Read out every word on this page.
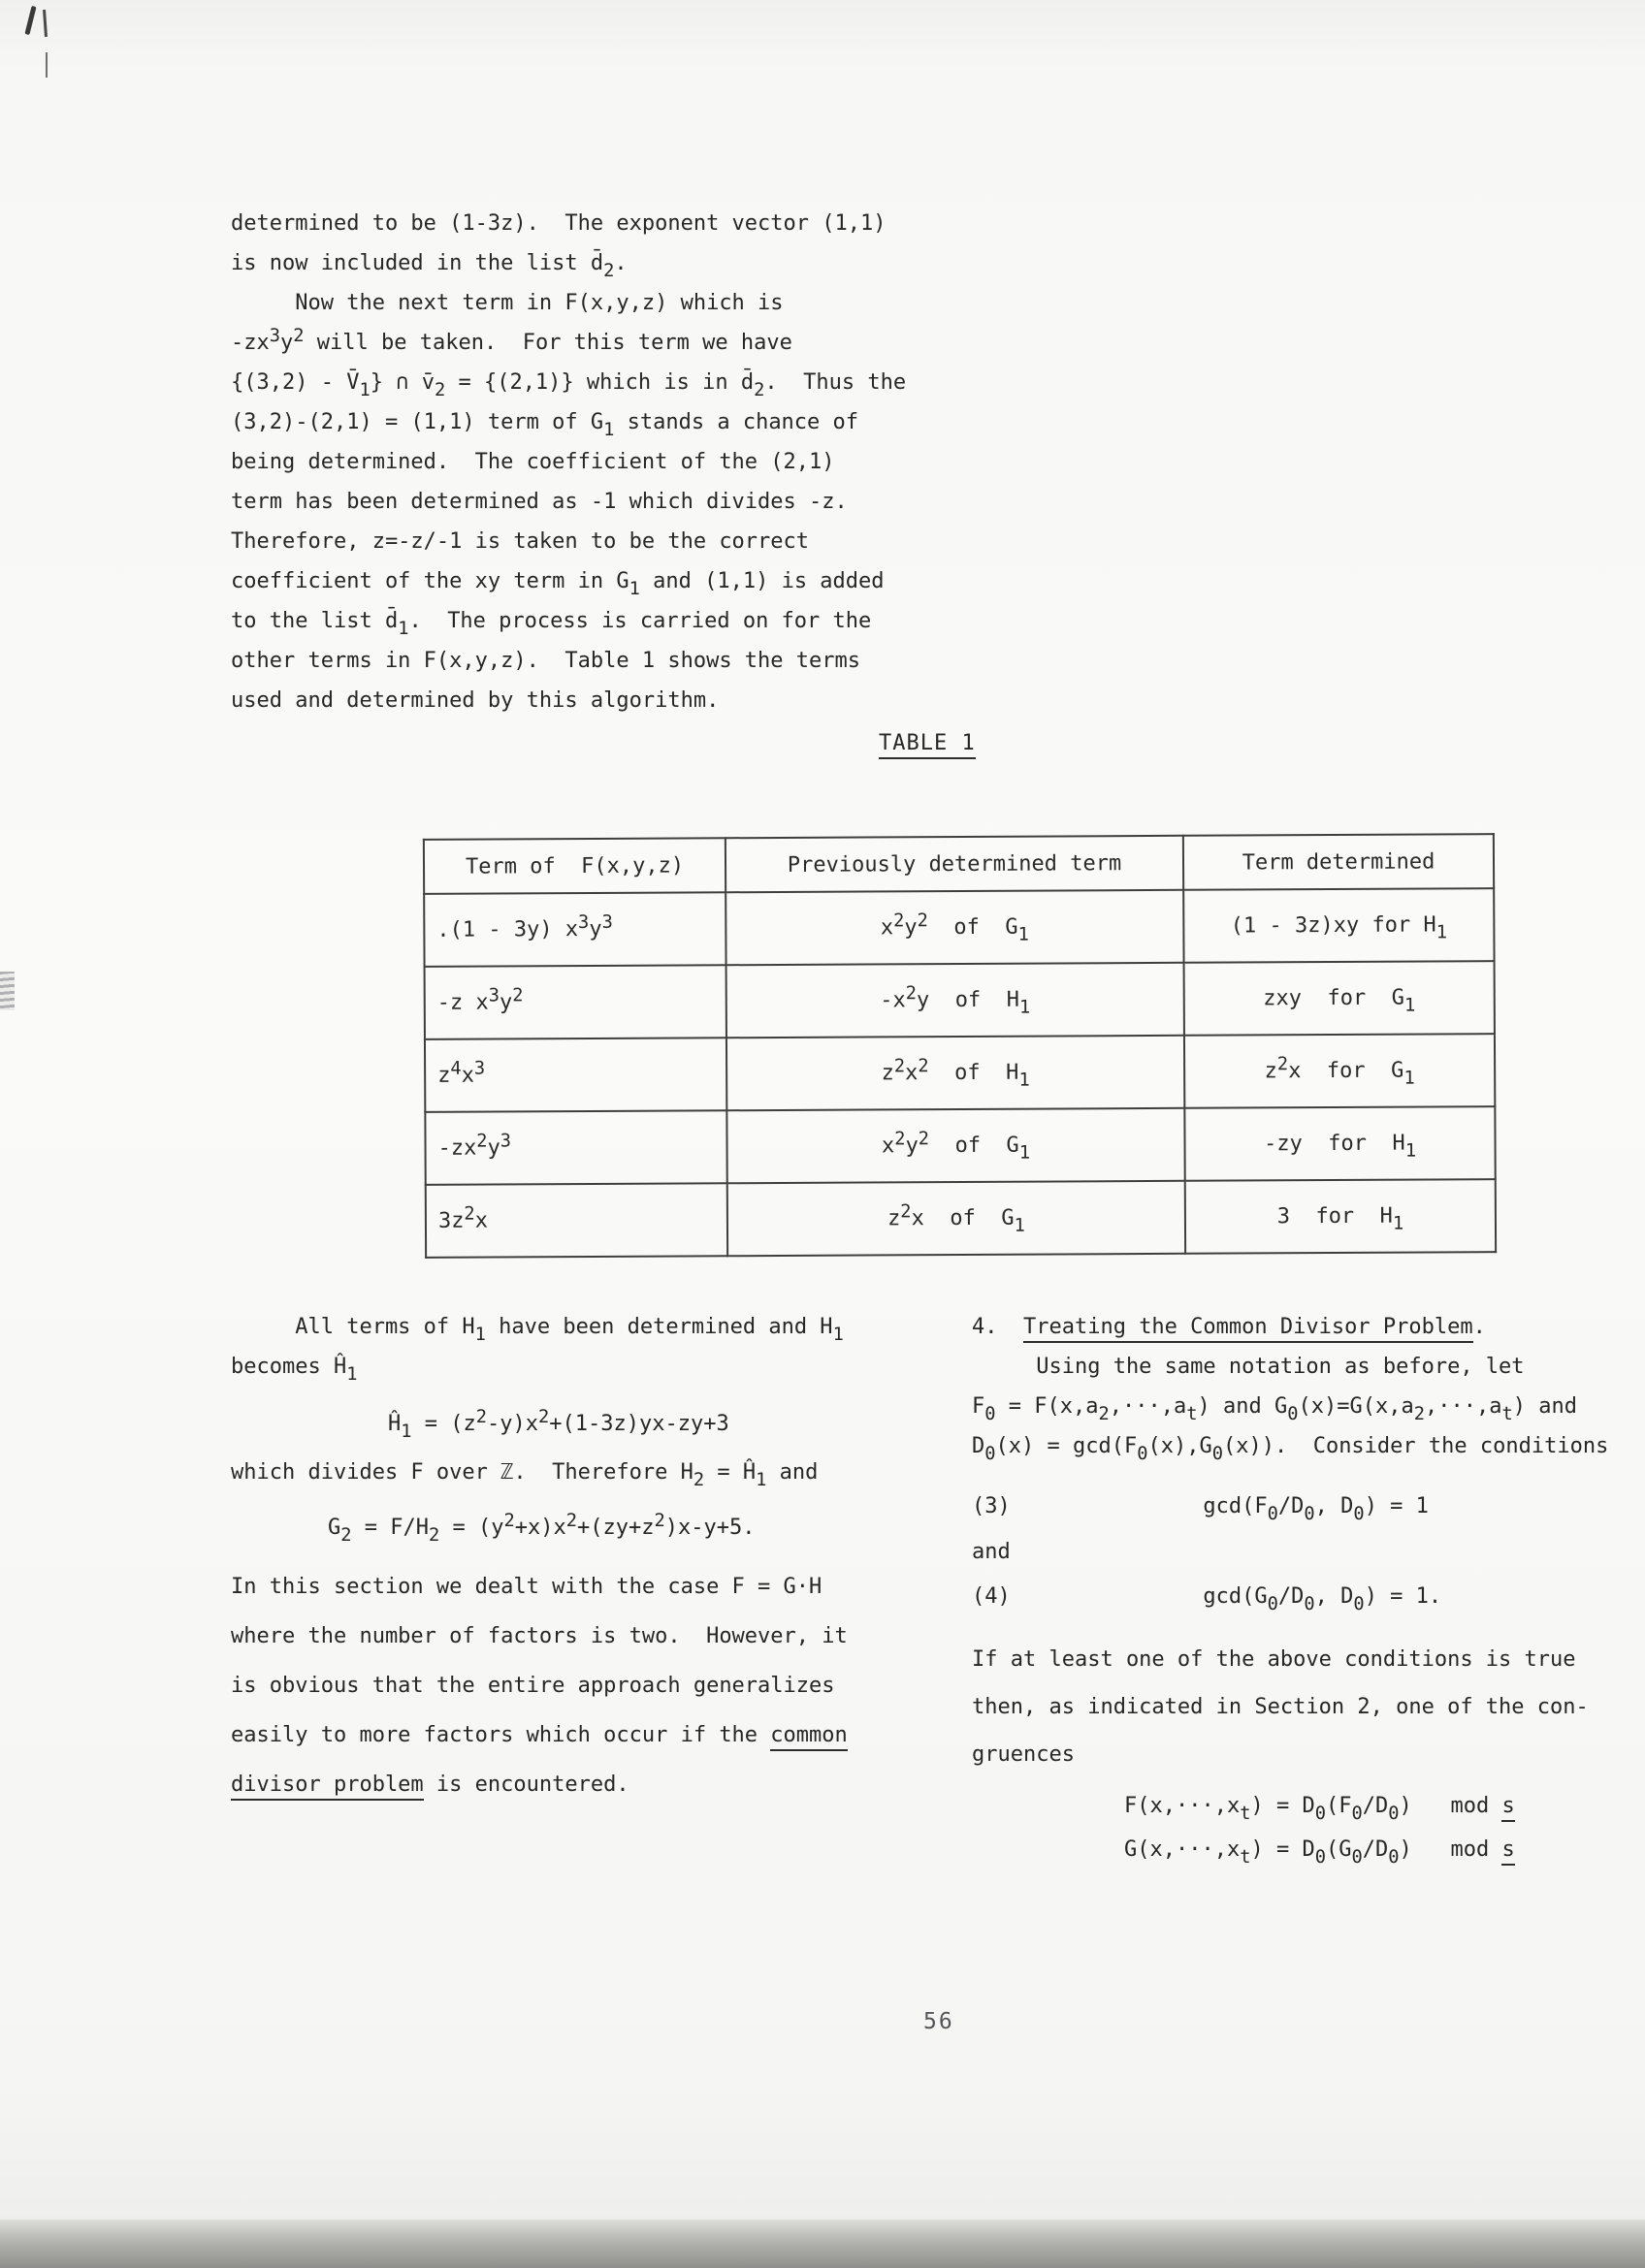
determined to be (1-3z).  The exponent vector (1,1)
is now included in the list $d̄_2$.
Now the next term in F(x,y,z) which is
$-zx^3y^2$ will be taken.  For this term we have
$\{(3,2) - V̄_1\}$ ∩ $v̄_2 = \{(2,1)\}$ which is in $d̄_2$.  Thus the
(3,2)-(2,1) = (1,1) term of $G_1$ stands a chance of
being determined.  The coefficient of the (2,1)
term has been determined as -1 which divides -z.
Therefore, z=-z/-1 is taken to be the correct
coefficient of the xy term in $G_1$ and (1,1) is added
to the list $d̄_1$.  The process is carried on for the
other terms in F(x,y,z).  Table 1 shows the terms
used and determined by this algorithm.
TABLE 1
Term of  F(x,y,z)	Previously determined term	Term determined
.(1 - 3y) $x^3y^3$	$x^2y^2$  of  $G_1$	(1 - 3z)xy for $H_1$
-z $x^3y^2$	$-x^2y$  of  $H_1$	zxy  for  $G_1$
$z^4x^3$	$z^2x^2$  of  $H_1$	$z^2x$  for  $G_1$
$-zx^2y^3$	$x^2y^2$  of  $G_1$	-zy  for  $H_1$
$3z^2x$	$z^2x$  of  $G_1$	3  for  $H_1$
All terms of $H_1$ have been determined and $H_1$
becomes $Ĥ_1$
$Ĥ_1 = (z^2-y)x^2+(1-3z)yx-zy+3$
which divides F over ℤ.  Therefore $H_2$ = $Ĥ_1$ and
$G_2 = F/H_2 = (y^2+x)x^2+(zy+z^2)x-y+5$.
In this section we dealt with the case F = G·H
where the number of factors is two.  However, it
is obvious that the entire approach generalizes
easily to more factors which occur if the common
divisor problem is encountered.
4.  Treating the Common Divisor Problem.
Using the same notation as before, let
$F_0 = F(x,a_2,\cdot\cdot\cdot,a_t)$ and $G_0(x)=G(x,a_2,\cdot\cdot\cdot,a_t)$ and
$D_0(x) = \gcd(F_0(x),G_0(x))$.  Consider the conditions
(3)               $\gcd(F_0/D_0$, $D_0) = 1$
and
(4)               $\gcd(G_0/D_0$, $D_0) = 1$.
If at least one of the above conditions is true
then, as indicated in Section 2, one of the con-
gruences
$F(x,\cdot\cdot\cdot,x_t) = D_0(F_0/D_0)$   mod s
$G(x,\cdot\cdot\cdot,x_t) = D_0(G_0/D_0)$   mod s
56
